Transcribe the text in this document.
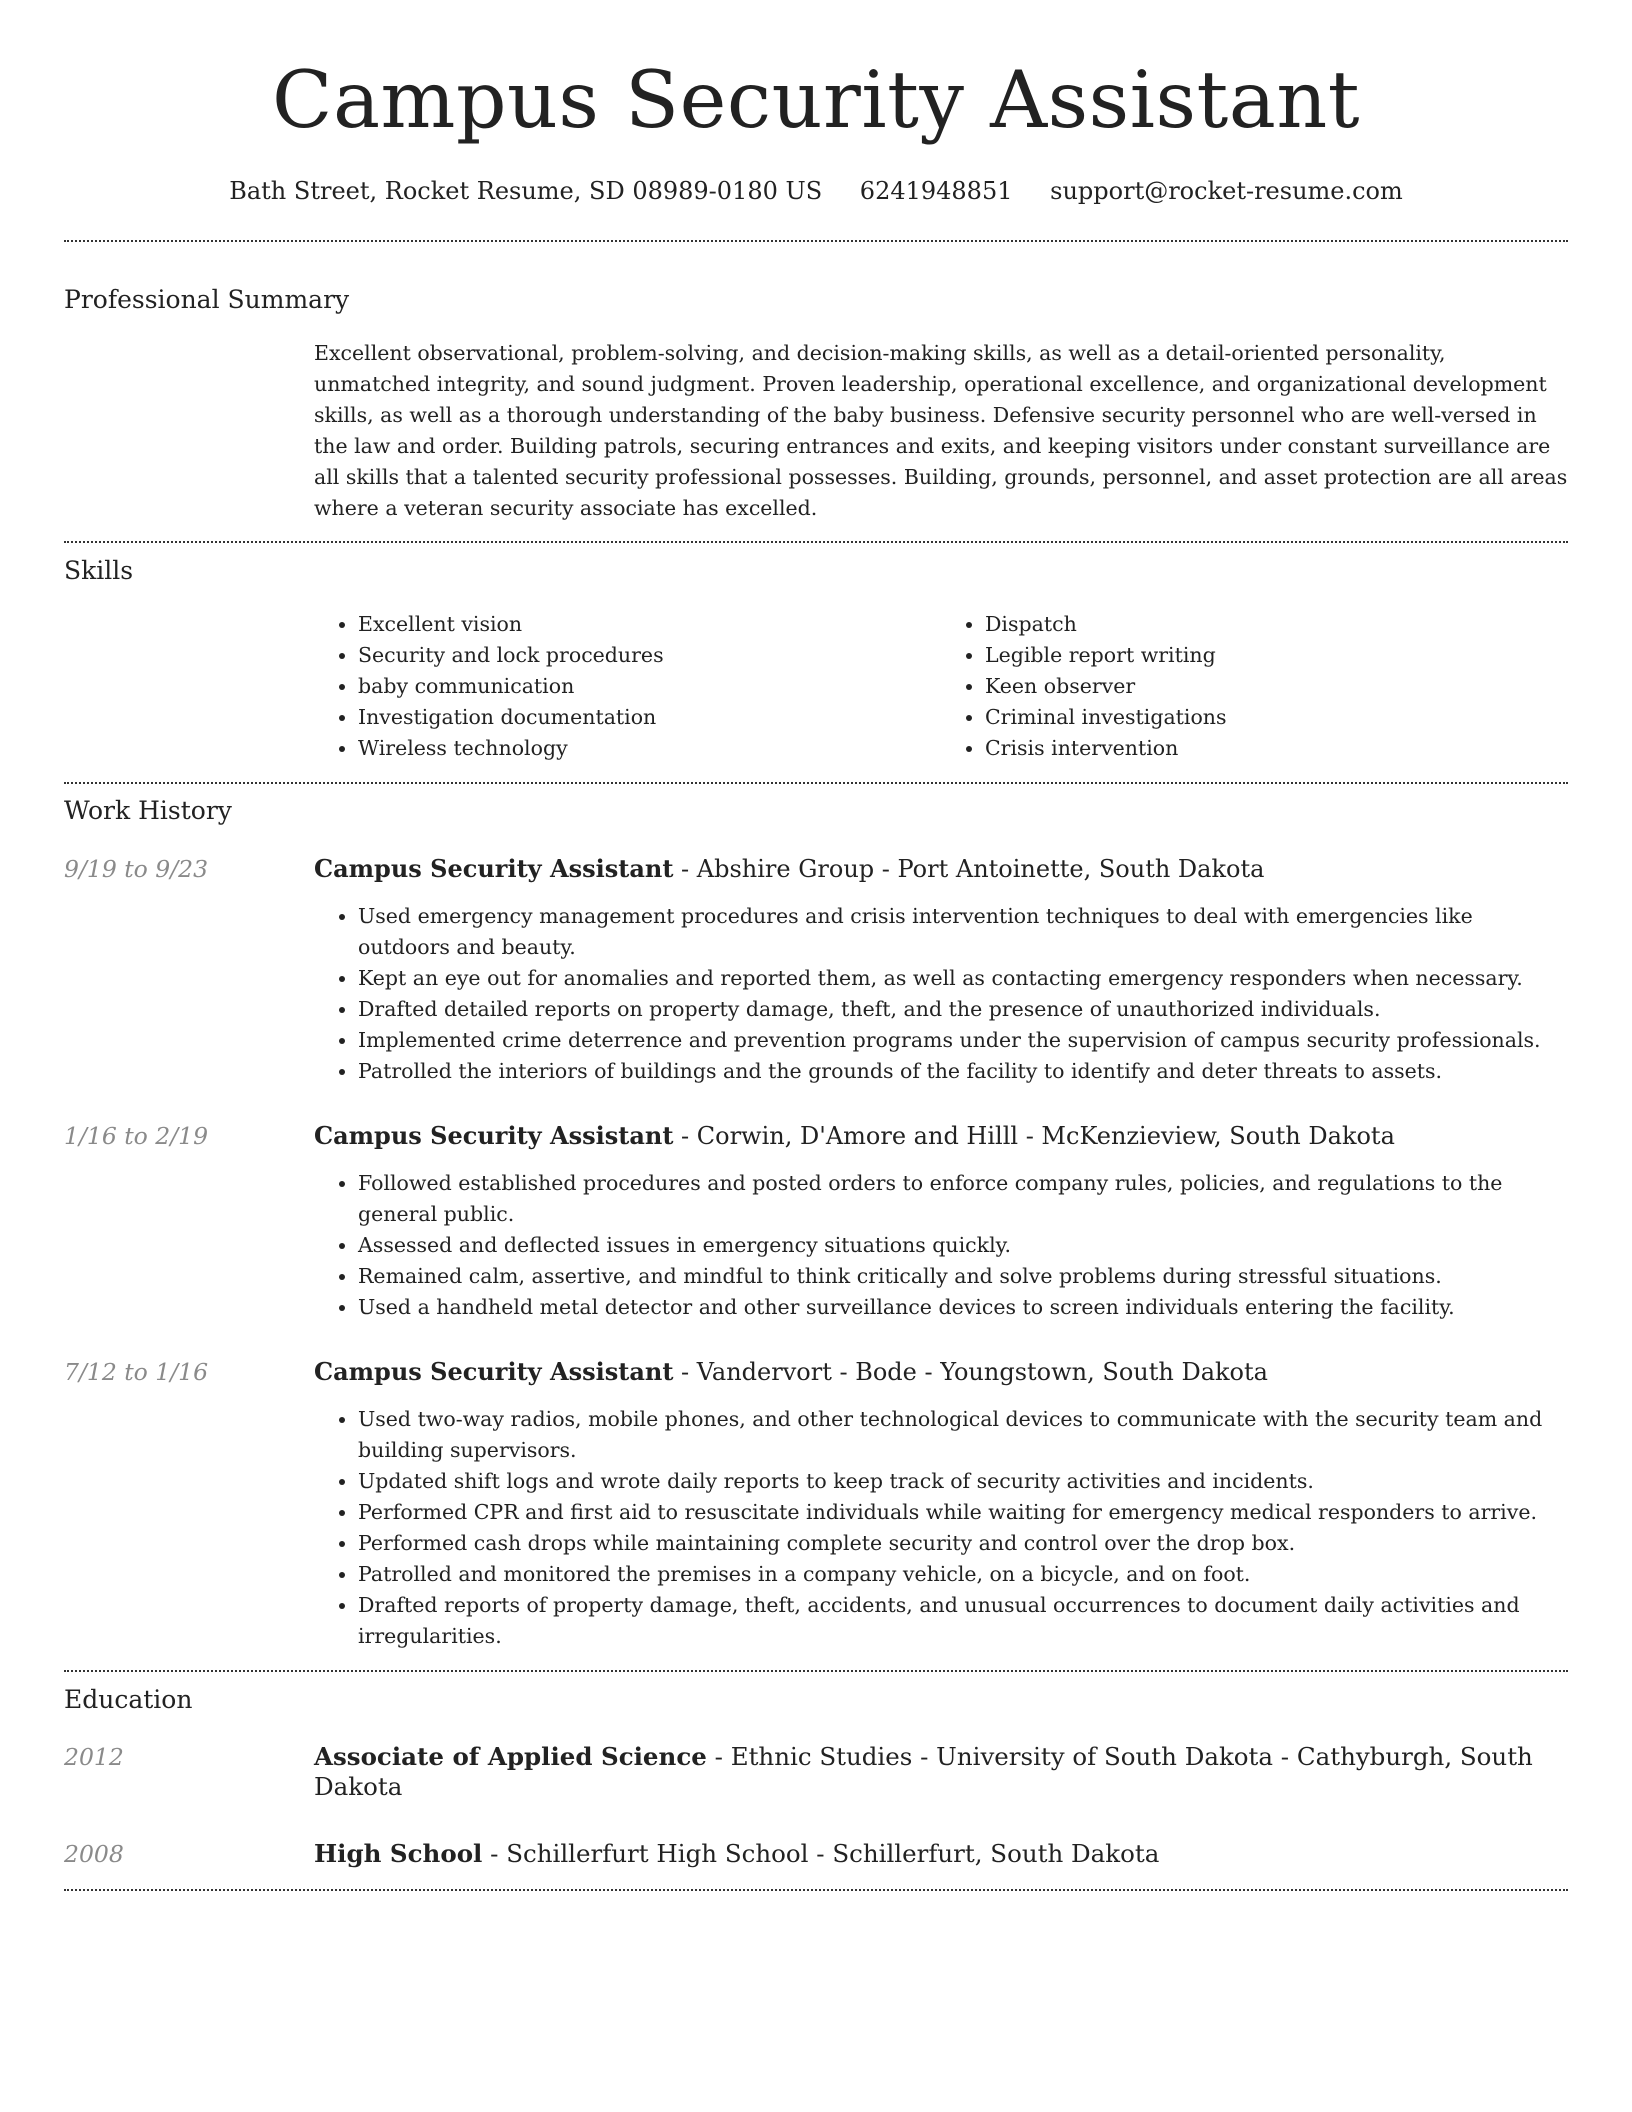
Campus Security Assistant
Bath Street, Rocket Resume, SD 08989-0180 US 6241948851 support@rocket-resume.com
Professional Summary

Excellent observational, problem-solving, and decision-making skills, as well as a detail-oriented personality, unmatched integrity, and sound judgment. Proven leadership, operational excellence, and organizational development skills, as well as a thorough understanding of the baby business. Defensive security personnel who are well-versed in the law and order. Building patrols, securing entrances and exits, and keeping visitors under constant surveillance are all skills that a talented security professional possesses. Building, grounds, personnel, and asset protection are all areas where a veteran security associate has excelled.

Skills
• Excellent vision
• Security and lock procedures
• baby communication
• Investigation documentation
• Wireless technology
• Dispatch
• Legible report writing
• Keen observer
• Criminal investigations
• Crisis intervention
Work History
9/19 to 9/23	Campus Security Assistant - Abshire Group - Port Antoinette, South Dakota
• Used emergency management procedures and crisis intervention techniques to deal with emergencies like outdoors and beauty.
• Kept an eye out for anomalies and reported them, as well as contacting emergency responders when necessary.
• Drafted detailed reports on property damage, theft, and the presence of unauthorized individuals.
• Implemented crime deterrence and prevention programs under the supervision of campus security professionals.
• Patrolled the interiors of buildings and the grounds of the facility to identify and deter threats to assets.
1/16 to 2/19	Campus Security Assistant - Corwin, D'Amore and Hilll - McKenzieview, South Dakota
• Followed established procedures and posted orders to enforce company rules, policies, and regulations to the general public.
• Assessed and deflected issues in emergency situations quickly.
• Remained calm, assertive, and mindful to think critically and solve problems during stressful situations.
• Used a handheld metal detector and other surveillance devices to screen individuals entering the facility.
7/12 to 1/16	Campus Security Assistant - Vandervort - Bode - Youngstown, South Dakota
• Used two-way radios, mobile phones, and other technological devices to communicate with the security team and building supervisors.
• Updated shift logs and wrote daily reports to keep track of security activities and incidents.
• Performed CPR and first aid to resuscitate individuals while waiting for emergency medical responders to arrive.
• Performed cash drops while maintaining complete security and control over the drop box.
• Patrolled and monitored the premises in a company vehicle, on a bicycle, and on foot.
• Drafted reports of property damage, theft, accidents, and unusual occurrences to document daily activities and irregularities.
Education
2012	Associate of Applied Science - Ethnic Studies - University of South Dakota - Cathyburgh, South Dakota
2008	High School - Schillerfurt High School - Schillerfurt, South Dakota
